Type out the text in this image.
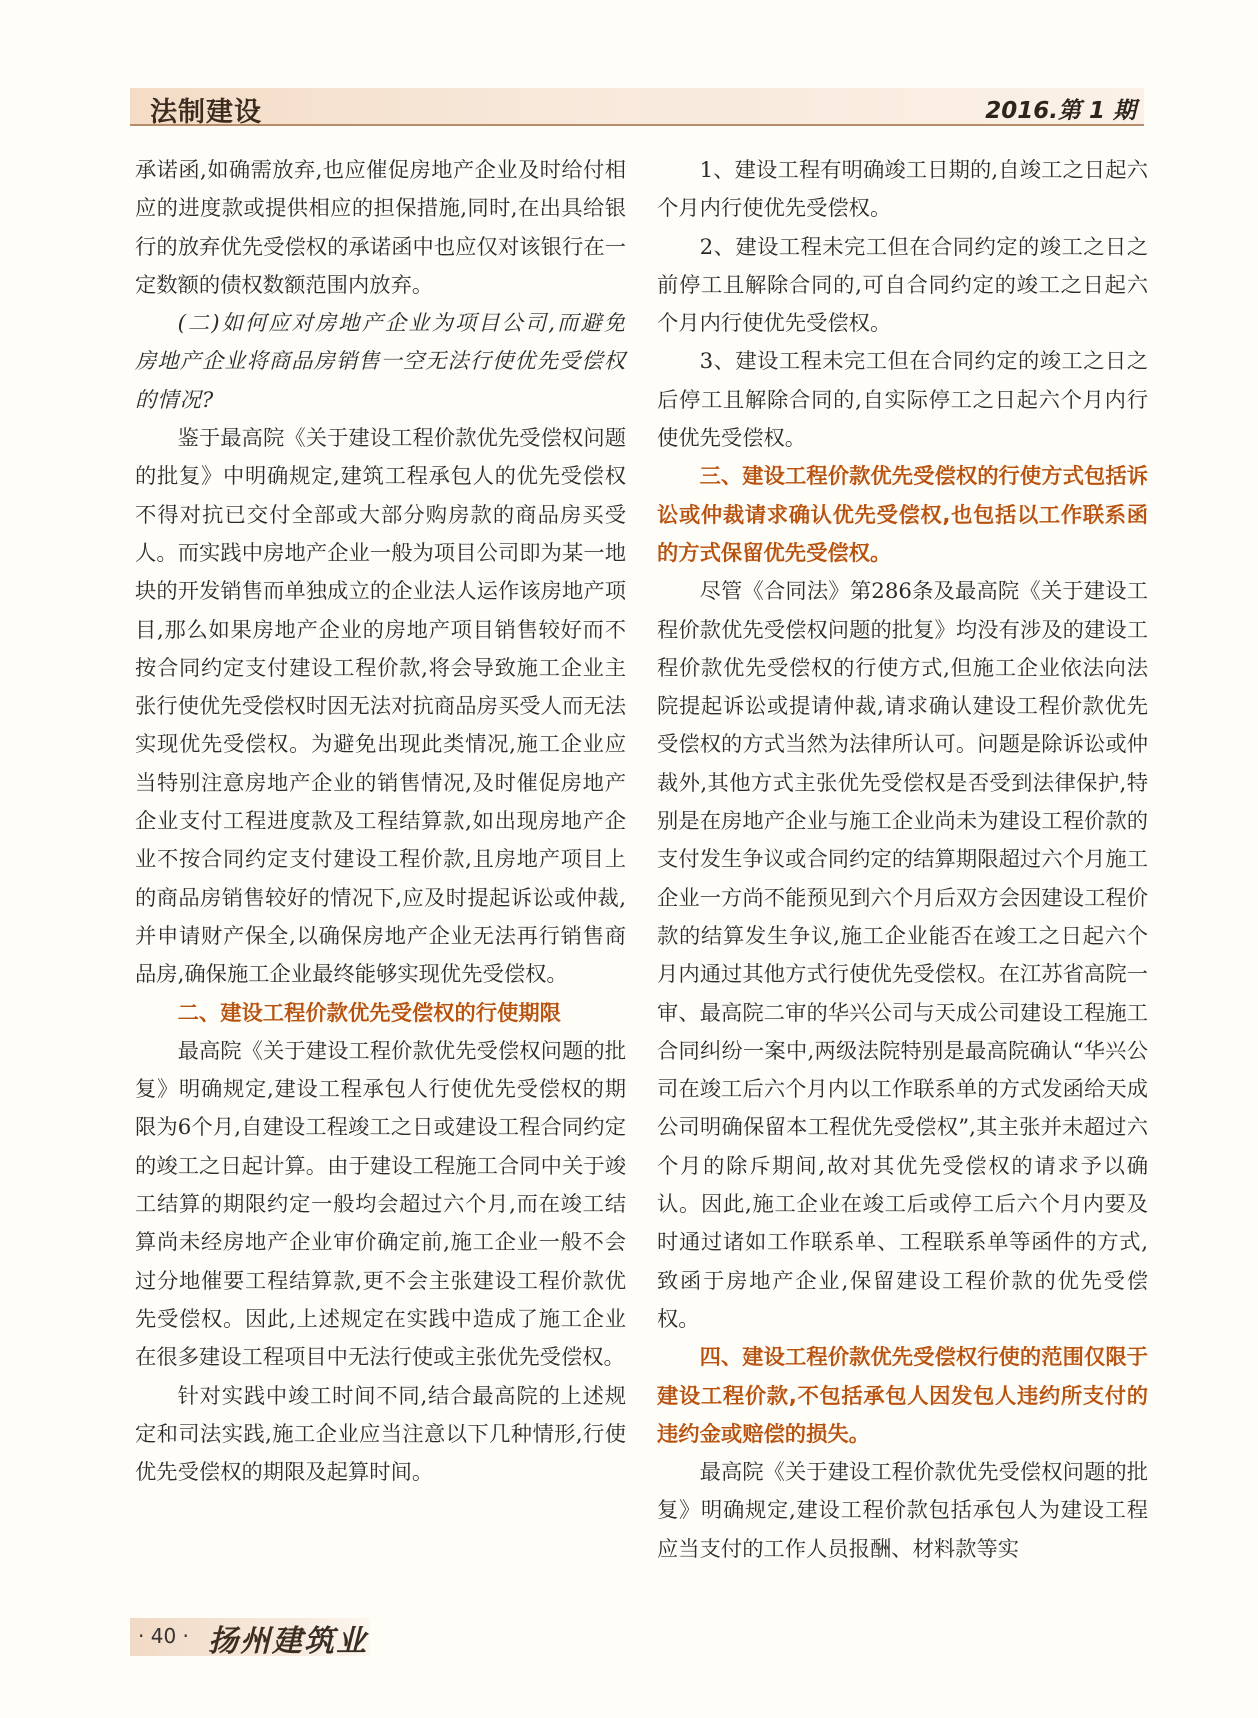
法制建设	2016.第 1 期

承诺函,如确需放弃,也应催促房地产企业及时给付相应的进度款或提供相应的担保措施,同时,在出具给银行的放弃优先受偿权的承诺函中也应仅对该银行在一定数额的债权数额范围内放弃。

(二)如何应对房地产企业为项目公司,而避免房地产企业将商品房销售一空无法行使优先受偿权的情况?

鉴于最高院《关于建设工程价款优先受偿权问题的批复》中明确规定,建筑工程承包人的优先受偿权不得对抗已交付全部或大部分购房款的商品房买受人。而实践中房地产企业一般为项目公司即为某一地块的开发销售而单独成立的企业法人运作该房地产项目,那么如果房地产企业的房地产项目销售较好而不按合同约定支付建设工程价款,将会导致施工企业主张行使优先受偿权时因无法对抗商品房买受人而无法实现优先受偿权。为避免出现此类情况,施工企业应当特别注意房地产企业的销售情况,及时催促房地产企业支付工程进度款及工程结算款,如出现房地产企业不按合同约定支付建设工程价款,且房地产项目上的商品房销售较好的情况下,应及时提起诉讼或仲裁,并申请财产保全,以确保房地产企业无法再行销售商品房,确保施工企业最终能够实现优先受偿权。

二、建设工程价款优先受偿权的行使期限

最高院《关于建设工程价款优先受偿权问题的批复》明确规定,建设工程承包人行使优先受偿权的期限为6个月,自建设工程竣工之日或建设工程合同约定的竣工之日起计算。由于建设工程施工合同中关于竣工结算的期限约定一般均会超过六个月,而在竣工结算尚未经房地产企业审价确定前,施工企业一般不会过分地催要工程结算款,更不会主张建设工程价款优先受偿权。因此,上述规定在实践中造成了施工企业在很多建设工程项目中无法行使或主张优先受偿权。

针对实践中竣工时间不同,结合最高院的上述规定和司法实践,施工企业应当注意以下几种情形,行使优先受偿权的期限及起算时间。

1、建设工程有明确竣工日期的,自竣工之日起六个月内行使优先受偿权。

2、建设工程未完工但在合同约定的竣工之日之前停工且解除合同的,可自合同约定的竣工之日起六个月内行使优先受偿权。

3、建设工程未完工但在合同约定的竣工之日之后停工且解除合同的,自实际停工之日起六个月内行使优先受偿权。

三、建设工程价款优先受偿权的行使方式包括诉讼或仲裁请求确认优先受偿权,也包括以工作联系函的方式保留优先受偿权。

尽管《合同法》第286条及最高院《关于建设工程价款优先受偿权问题的批复》均没有涉及的建设工程价款优先受偿权的行使方式,但施工企业依法向法院提起诉讼或提请仲裁,请求确认建设工程价款优先受偿权的方式当然为法律所认可。问题是除诉讼或仲裁外,其他方式主张优先受偿权是否受到法律保护,特别是在房地产企业与施工企业尚未为建设工程价款的支付发生争议或合同约定的结算期限超过六个月施工企业一方尚不能预见到六个月后双方会因建设工程价款的结算发生争议,施工企业能否在竣工之日起六个月内通过其他方式行使优先受偿权。在江苏省高院一审、最高院二审的华兴公司与天成公司建设工程施工合同纠纷一案中,两级法院特别是最高院确认“华兴公司在竣工后六个月内以工作联系单的方式发函给天成公司明确保留本工程优先受偿权”,其主张并未超过六个月的除斥期间,故对其优先受偿权的请求予以确认。因此,施工企业在竣工后或停工后六个月内要及时通过诸如工作联系单、工程联系单等函件的方式,致函于房地产企业,保留建设工程价款的优先受偿权。

四、建设工程价款优先受偿权行使的范围仅限于建设工程价款,不包括承包人因发包人违约所支付的违约金或赔偿的损失。

最高院《关于建设工程价款优先受偿权问题的批复》明确规定,建设工程价款包括承包人为建设工程应当支付的工作人员报酬、材料款等实

· 40 · 扬州建筑业
